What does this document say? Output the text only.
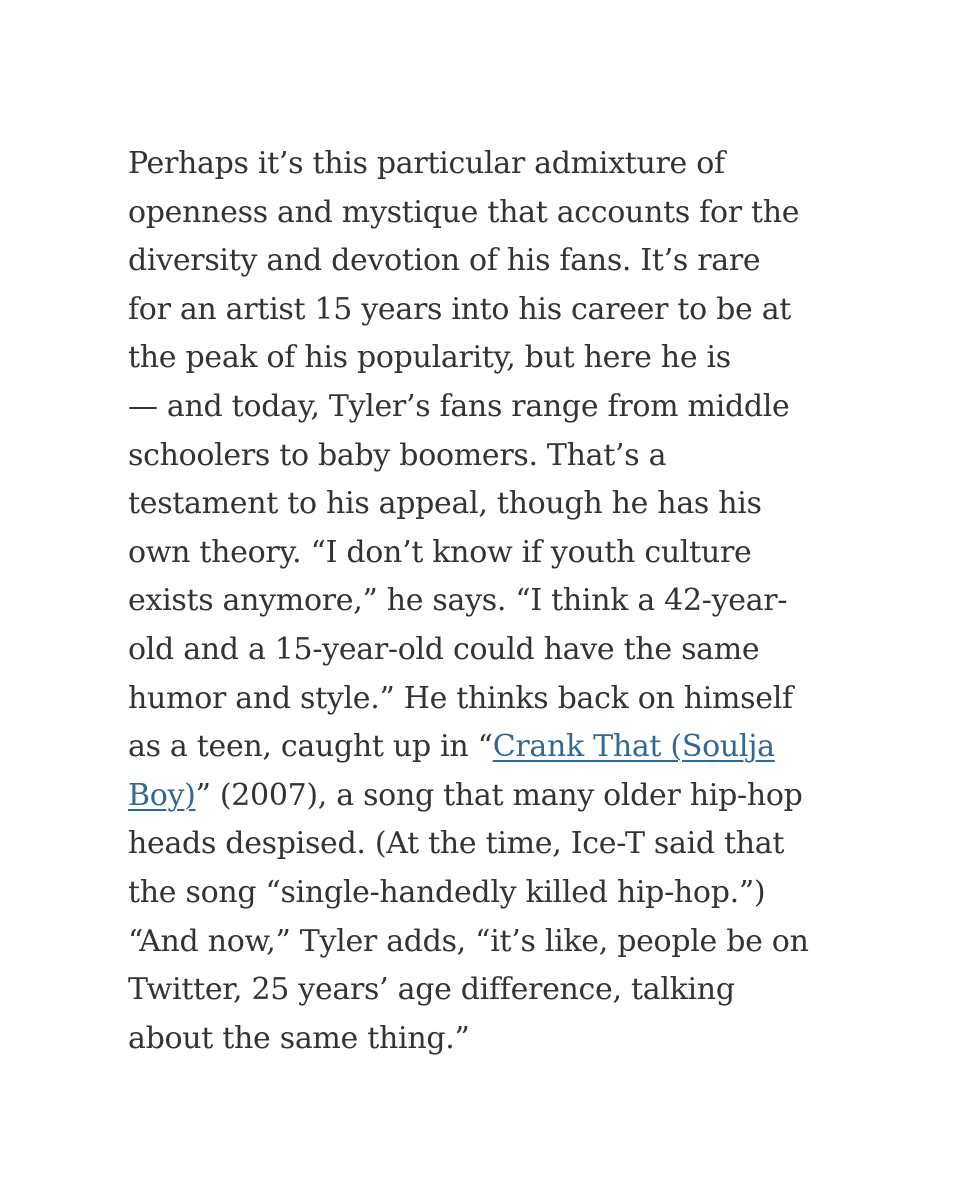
Perhaps it’s this particular admixture of
openness and mystique that accounts for the
diversity and devotion of his fans. It’s rare
for an artist 15 years into his career to be at
the peak of his popularity, but here he is
— and today, Tyler’s fans range from middle
schoolers to baby boomers. That’s a
testament to his appeal, though he has his
own theory. “I don’t know if youth culture
exists anymore,” he says. “I think a 42-year-
old and a 15-year-old could have the same
humor and style.” He thinks back on himself
as a teen, caught up in “Crank That (Soulja
Boy)” (2007), a song that many older hip-hop
heads despised. (At the time, Ice-T said that
the song “single-handedly killed hip-hop.”)
“And now,” Tyler adds, “it’s like, people be on
Twitter, 25 years’ age difference, talking
about the same thing.”
